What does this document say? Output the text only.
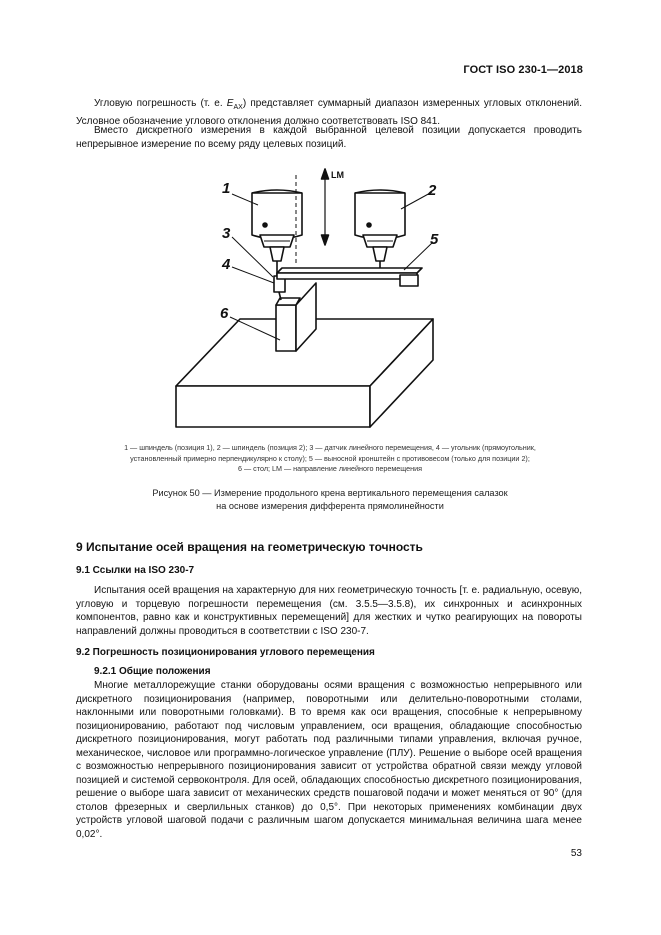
ГОСТ ISO 230-1—2018
Угловую погрешность (т. е. $E_{AX}$) представляет суммарный диапазон измеренных угловых отклонений. Условное обозначение углового отклонения должно соответствовать ISO 841.
Вместо дискретного измерения в каждой выбранной целевой позиции допускается проводить непрерывное измерение по всему ряду целевых позиций.
1	2
3
4
5
6
LM
1 — шпиндель (позиция 1), 2 — шпиндель (позиция 2); 3 — датчик линейного перемещения, 4 — угольник (прямоугольник,
установленный примерно перпендикулярно к столу); 5 — выносной кронштейн с противовесом (только для позиции 2);
6 — стол; LM — направление линейного перемещения
Рисунок 50 — Измерение продольного крена вертикального перемещения салазок
на основе измерения дифферента прямолинейности
9 Испытание осей вращения на геометрическую точность
9.1 Ссылки на ISO 230-7
Испытания осей вращения на характерную для них геометрическую точность [т. е. радиальную, осевую, угловую и торцевую погрешности перемещения (см. 3.5.5—3.5.8), их синхронных и асинхронных компонентов, равно как и конструктивных перемещений] для жестких и чутко реагирующих на повороты направлений должны проводиться в соответствии с ISO 230-7.
9.2 Погрешность позиционирования углового перемещения
9.2.1 Общие положения
Многие металлорежущие станки оборудованы осями вращения с возможностью непрерывного или дискретного позиционирования (например, поворотными или делительно-поворотными столами, наклонными или поворотными головками). В то время как оси вращения, способные к непрерывному позиционированию, работают под числовым управлением, оси вращения, обладающие способностью дискретного позиционирования, могут работать под различными типами управления, включая ручное, механическое, числовое или программно-логическое управление (ПЛУ). Решение о выборе осей вращения с возможностью непрерывного позиционирования зависит от устройства обратной связи между угловой позицией и системой сервоконтроля. Для осей, обладающих способностью дискретного позиционирования, решение о выборе шага зависит от механических средств пошаговой подачи и может меняться от 90° (для столов фрезерных и сверлильных станков) до 0,5°. При некоторых применениях комбинации двух устройств угловой шаговой подачи с различным шагом допускается минимальная величина шага менее 0,02°.
53
